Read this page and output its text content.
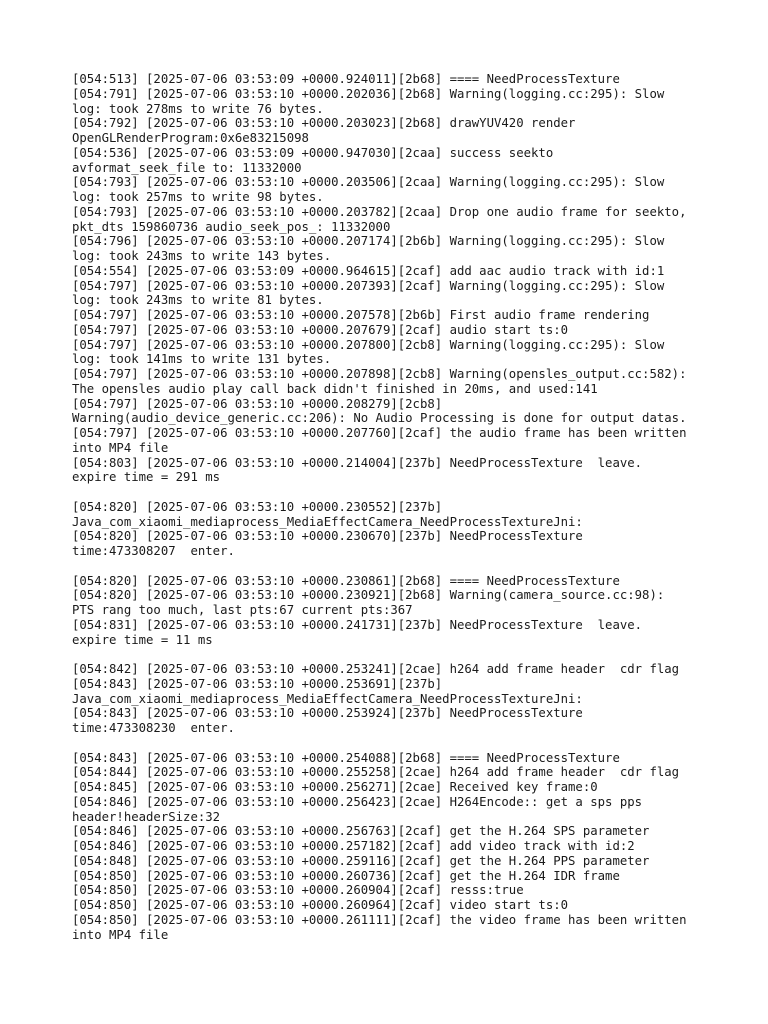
[054:513] [2025-07-06 03:53:09 +0000.924011][2b68] ==== NeedProcessTexture
[054:791] [2025-07-06 03:53:10 +0000.202036][2b68] Warning(logging.cc:295): Slow
log: took 278ms to write 76 bytes.
[054:792] [2025-07-06 03:53:10 +0000.203023][2b68] drawYUV420 render
OpenGLRenderProgram:0x6e83215098
[054:536] [2025-07-06 03:53:09 +0000.947030][2caa] success seekto
avformat_seek_file to: 11332000
[054:793] [2025-07-06 03:53:10 +0000.203506][2caa] Warning(logging.cc:295): Slow
log: took 257ms to write 98 bytes.
[054:793] [2025-07-06 03:53:10 +0000.203782][2caa] Drop one audio frame for seekto,
pkt_dts 159860736 audio_seek_pos_: 11332000
[054:796] [2025-07-06 03:53:10 +0000.207174][2b6b] Warning(logging.cc:295): Slow
log: took 243ms to write 143 bytes.
[054:554] [2025-07-06 03:53:09 +0000.964615][2caf] add aac audio track with id:1
[054:797] [2025-07-06 03:53:10 +0000.207393][2caf] Warning(logging.cc:295): Slow
log: took 243ms to write 81 bytes.
[054:797] [2025-07-06 03:53:10 +0000.207578][2b6b] First audio frame rendering
[054:797] [2025-07-06 03:53:10 +0000.207679][2caf] audio start ts:0
[054:797] [2025-07-06 03:53:10 +0000.207800][2cb8] Warning(logging.cc:295): Slow
log: took 141ms to write 131 bytes.
[054:797] [2025-07-06 03:53:10 +0000.207898][2cb8] Warning(opensles_output.cc:582):
The opensles audio play call back didn't finished in 20ms, and used:141
[054:797] [2025-07-06 03:53:10 +0000.208279][2cb8]
Warning(audio_device_generic.cc:206): No Audio Processing is done for output datas.
[054:797] [2025-07-06 03:53:10 +0000.207760][2caf] the audio frame has been written
into MP4 file
[054:803] [2025-07-06 03:53:10 +0000.214004][237b] NeedProcessTexture  leave.
expire time = 291 ms
[054:820] [2025-07-06 03:53:10 +0000.230552][237b]
Java_com_xiaomi_mediaprocess_MediaEffectCamera_NeedProcessTextureJni:
[054:820] [2025-07-06 03:53:10 +0000.230670][237b] NeedProcessTexture
time:473308207  enter.
[054:820] [2025-07-06 03:53:10 +0000.230861][2b68] ==== NeedProcessTexture
[054:820] [2025-07-06 03:53:10 +0000.230921][2b68] Warning(camera_source.cc:98):
PTS rang too much, last pts:67 current pts:367
[054:831] [2025-07-06 03:53:10 +0000.241731][237b] NeedProcessTexture  leave.
expire time = 11 ms
[054:842] [2025-07-06 03:53:10 +0000.253241][2cae] h264 add frame header  cdr flag
[054:843] [2025-07-06 03:53:10 +0000.253691][237b]
Java_com_xiaomi_mediaprocess_MediaEffectCamera_NeedProcessTextureJni:
[054:843] [2025-07-06 03:53:10 +0000.253924][237b] NeedProcessTexture
time:473308230  enter.
[054:843] [2025-07-06 03:53:10 +0000.254088][2b68] ==== NeedProcessTexture
[054:844] [2025-07-06 03:53:10 +0000.255258][2cae] h264 add frame header  cdr flag
[054:845] [2025-07-06 03:53:10 +0000.256271][2cae] Received key frame:0
[054:846] [2025-07-06 03:53:10 +0000.256423][2cae] H264Encode:: get a sps pps
header!headerSize:32
[054:846] [2025-07-06 03:53:10 +0000.256763][2caf] get the H.264 SPS parameter
[054:846] [2025-07-06 03:53:10 +0000.257182][2caf] add video track with id:2
[054:848] [2025-07-06 03:53:10 +0000.259116][2caf] get the H.264 PPS parameter
[054:850] [2025-07-06 03:53:10 +0000.260736][2caf] get the H.264 IDR frame
[054:850] [2025-07-06 03:53:10 +0000.260904][2caf] resss:true
[054:850] [2025-07-06 03:53:10 +0000.260964][2caf] video start ts:0
[054:850] [2025-07-06 03:53:10 +0000.261111][2caf] the video frame has been written
into MP4 file
